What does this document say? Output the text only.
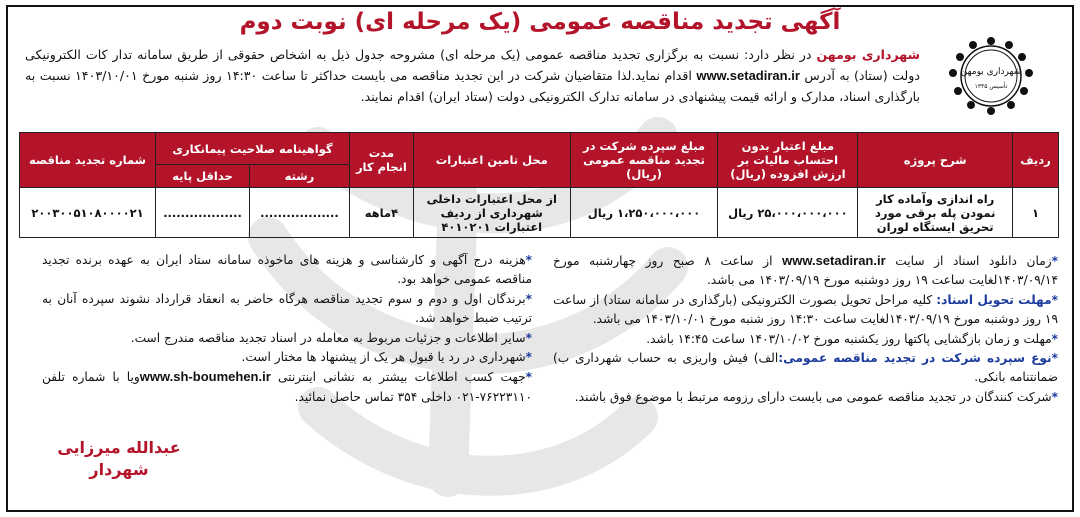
آگهی تجدید مناقصه عمومی (یک مرحله ای) نوبت دوم
شهرداری بومهن
تأسیس ۱۳۴۵
شهرداری بومهن در نظر دارد: نسبت به برگزاری تجدید مناقصه عمومی (یک مرحله ای) مشروحه جدول ذیل به اشخاص حقوقی از طریق سامانه تدار کات الکترونیکی دولت (ستاد) به آدرس www.setadiran.ir اقدام نماید.لذا متقاضیان شرکت در این تجدید مناقصه می بایست حداکثر تا ساعت ۱۴:۳۰ روز شنبه مورخ ۱۴۰۳/۱۰/۰۱ نسبت به بارگذاری اسناد، مدارک و ارائه قیمت پیشنهادی در سامانه تدارک الکترونیکی دولت (ستاد ایران) اقدام نمایند.
ردیف	شرح پروژه	مبلغ اعتبار بدون احتساب مالیات بر ارزش افزوده (ریال)	مبلغ سپرده شرکت در تجدید مناقصه عمومی (ریال)	محل تامین اعتبارات	مدت انجام کار	گواهینامه صلاحیت پیمانکاری		شماره تجدید مناقصه
						رشته	حداقل پایه	
۱	راه اندازی وآماده کار نمودن پله برقی مورد تحریق ایستگاه لوران	۲۵،۰۰۰،۰۰۰،۰۰۰ ریال	۱،۲۵۰،۰۰۰،۰۰۰ ریال	از محل اعتبارات داخلی شهرداری از ردیف اعتبارات ۴۰۱۰۲۰۱	۴ماهه	..................	..................	۲۰۰۳۰۰۵۱۰۸۰۰۰۰۲۱

*زمان دانلود اسناد از سایت www.setadiran.ir از ساعت ۸ صبح روز چهارشنبه مورخ ۱۴۰۳/۰۹/۱۴لغایت ساعت ۱۹ روز دوشنبه مورخ ۱۴۰۳/۰۹/۱۹ می باشد.

*مهلت تحویل اسناد: کلیه مراحل تحویل بصورت الکترونیکی (بارگذاری در سامانه ستاد) از ساعت ۱۹ روز دوشنبه مورخ ۱۴۰۳/۰۹/۱۹لغایت ساعت ۱۴:۳۰ روز شنبه مورخ ۱۴۰۳/۱۰/۰۱ می باشد.

*مهلت و زمان بازگشایی پاکتها روز یکشنبه مورخ ۱۴۰۳/۱۰/۰۲ ساعت ۱۴:۴۵ باشد.

*نوع سپرده شرکت در تجدید مناقصه عمومی:الف) فیش واریزی به حساب شهرداری ب) ضمانتنامه بانکی.

*شرکت کنندگان در تجدید مناقصه عمومی می بایست دارای رزومه مرتبط با موضوع فوق باشند.

*هزینه درج آگهی و کارشناسی و هزینه های ماخوذه سامانه ستاد ایران به عهده برنده تجدید مناقصه عمومی خواهد بود.

*برندگان اول و دوم و سوم تجدید مناقصه هرگاه حاضر به انعقاد قرارداد نشوند سپرده آنان به ترتیب ضبط خواهد شد.

*سایر اطلاعات و جزئیات مربوط به معامله در اسناد تجدید مناقصه مندرج است.

*شهرداری در رد یا قبول هر یک از پیشنهاد ها مختار است.

*جهت کسب اطلاعات بیشتر به نشانی اینترنتی www.sh-boumehen.irویا با شماره تلفن ۷۶۲۲۳۱۱۰-۰۲۱ داخلی ۳۵۴ تماس حاصل نمائید.

عبدالله میرزایی
شهردار
